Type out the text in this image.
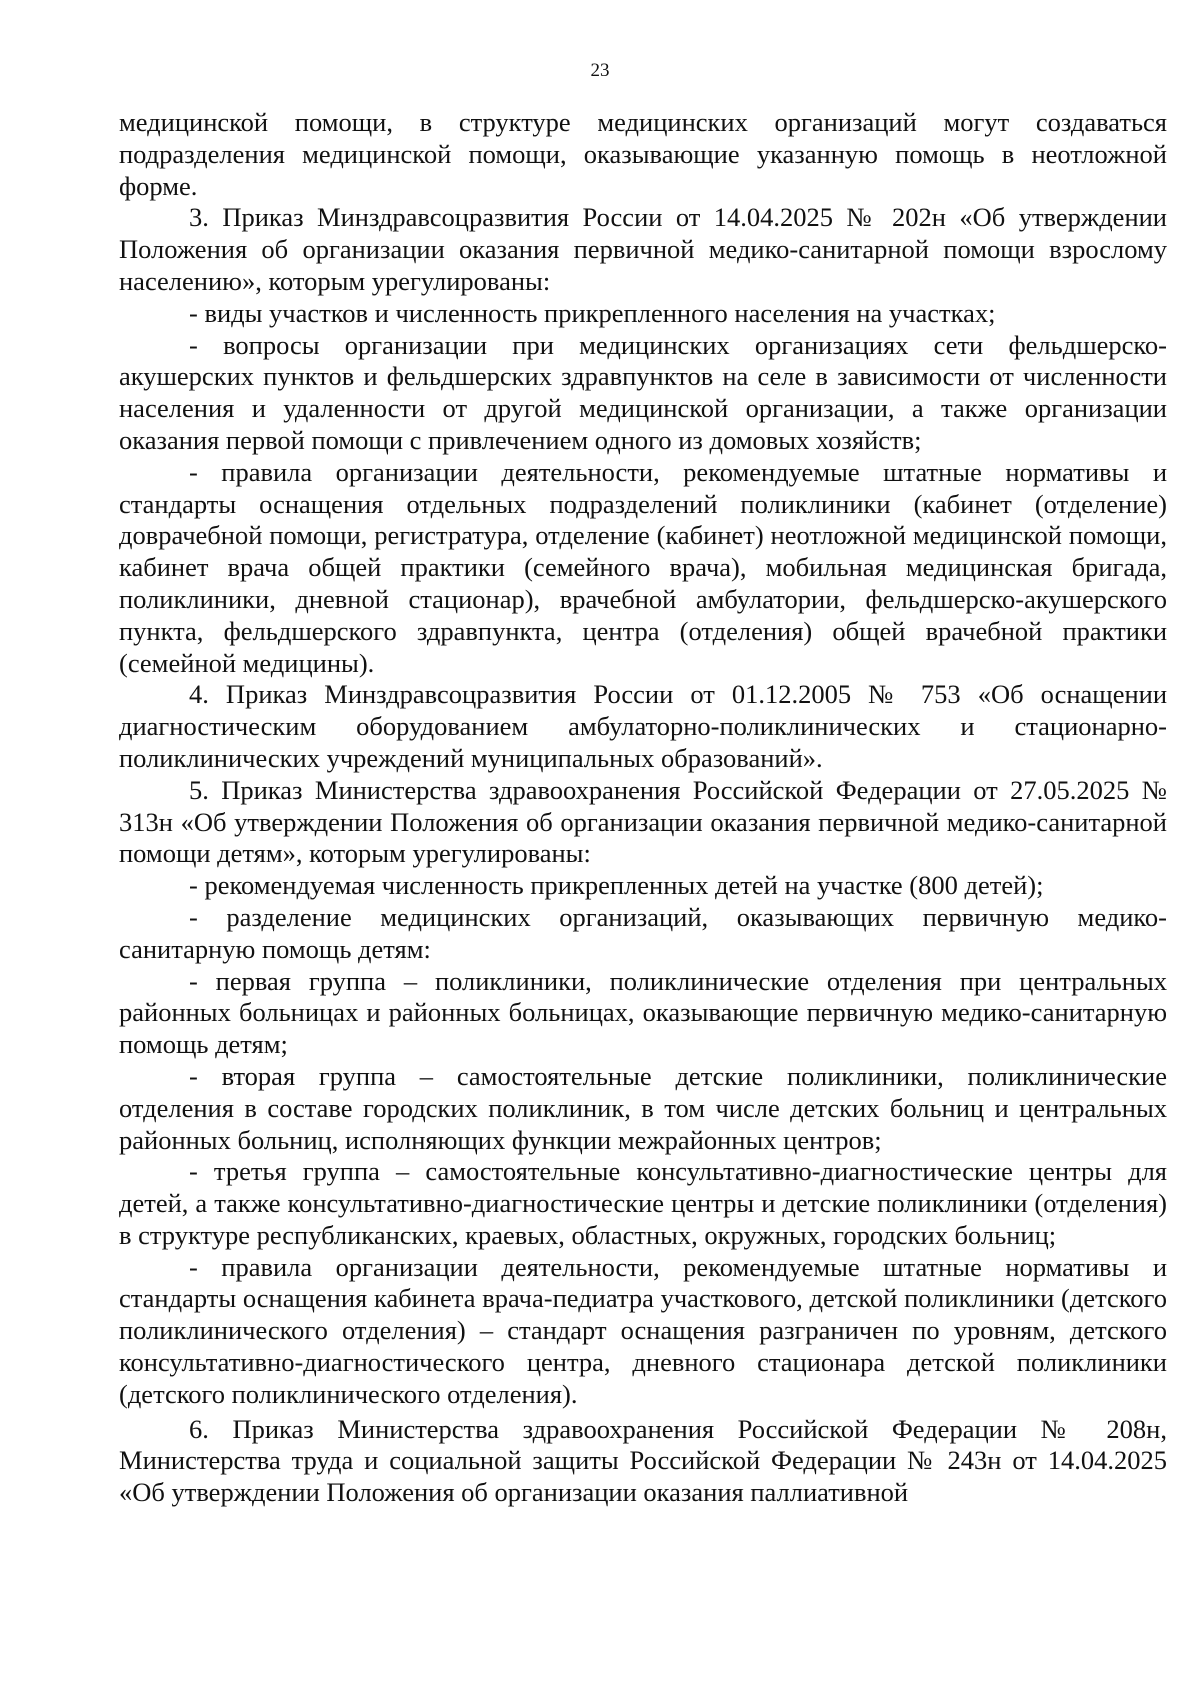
23

медицинской помощи, в структуре медицинских организаций могут создаваться подразделения медицинской помощи, оказывающие указанную помощь в неотложной форме.

3. Приказ Минздравсоцразвития России от 14.04.2025 № 202н «Об утверждении Положения об организации оказания первичной медико-санитарной помощи взрослому населению», которым урегулированы:

- виды участков и численность прикрепленного населения на участках;

- вопросы организации при медицинских организациях сети фельдшерско-акушерских пунктов и фельдшерских здравпунктов на селе в зависимости от численности населения и удаленности от другой медицинской организации, а также организации оказания первой помощи с привлечением одного из домовых хозяйств;

- правила организации деятельности, рекомендуемые штатные нормативы и стандарты оснащения отдельных подразделений поликлиники (кабинет (отделение) доврачебной помощи, регистратура, отделение (кабинет) неотложной медицинской помощи, кабинет врача общей практики (семейного врача), мобильная медицинская бригада, поликлиники, дневной стационар), врачебной амбулатории, фельдшерско-акушерского пункта, фельдшерского здравпункта, центра (отделения) общей врачебной практики (семейной медицины).

4. Приказ Минздравсоцразвития России от 01.12.2005 № 753 «Об оснащении диагностическим оборудованием амбулаторно-поликлинических и стационарно-поликлинических учреждений муниципальных образований».

5. Приказ Министерства здравоохранения Российской Федерации от 27.05.2025 № 313н «Об утверждении Положения об организации оказания первичной медико-санитарной помощи детям», которым урегулированы:

- рекомендуемая численность прикрепленных детей на участке (800 детей);

- разделение медицинских организаций, оказывающих первичную медико-санитарную помощь детям:

- первая группа – поликлиники, поликлинические отделения при центральных районных больницах и районных больницах, оказывающие первичную медико-санитарную помощь детям;

- вторая группа – самостоятельные детские поликлиники, поликлинические отделения в составе городских поликлиник, в том числе детских больниц и центральных районных больниц, исполняющих функции межрайонных центров;

- третья группа – самостоятельные консультативно-диагностические центры для детей, а также консультативно-диагностические центры и детские поликлиники (отделения) в структуре республиканских, краевых, областных, окружных, городских больниц;

- правила организации деятельности, рекомендуемые штатные нормативы и стандарты оснащения кабинета врача-педиатра участкового, детской поликлиники (детского поликлинического отделения) – стандарт оснащения разграничен по уровням, детского консультативно-диагностического центра, дневного стационара детской поликлиники (детского поликлинического отделения).

6. Приказ Министерства здравоохранения Российской Федерации № 208н, Министерства труда и социальной защиты Российской Федерации № 243н от 14.04.2025 «Об утверждении Положения об организации оказания паллиативной
